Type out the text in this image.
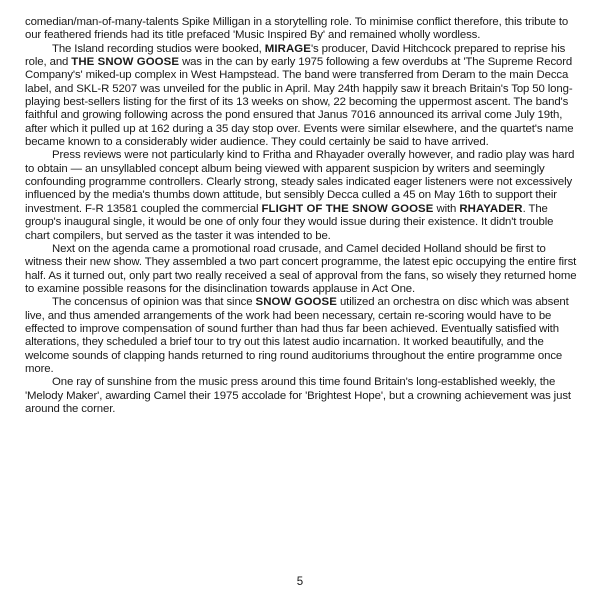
comedian/man-of-many-talents Spike Milligan in a storytelling role. To minimise conflict therefore, this tribute to our feathered friends had its title prefaced 'Music Inspired By' and remained wholly wordless.

The Island recording studios were booked, MIRAGE's producer, David Hitchcock prepared to reprise his role, and THE SNOW GOOSE was in the can by early 1975 following a few overdubs at 'The Supreme Record Company's' miked-up complex in West Hampstead. The band were transferred from Deram to the main Decca label, and SKL-R 5207 was unveiled for the public in April. May 24th happily saw it breach Britain's Top 50 long-playing best-sellers listing for the first of its 13 weeks on show, 22 becoming the uppermost ascent. The band's faithful and growing following across the pond ensured that Janus 7016 announced its arrival come July 19th, after which it pulled up at 162 during a 35 day stop over. Events were similar elsewhere, and the quartet's name became known to a considerably wider audience. They could certainly be said to have arrived.

Press reviews were not particularly kind to Fritha and Rhayader overally however, and radio play was hard to obtain — an unsyllabled concept album being viewed with apparent suspicion by writers and seemingly confounding programme controllers. Clearly strong, steady sales indicated eager listeners were not excessively influenced by the media's thumbs down attitude, but sensibly Decca culled a 45 on May 16th to support their investment. F-R 13581 coupled the commercial FLIGHT OF THE SNOW GOOSE with RHAYADER. The group's inaugural single, it would be one of only four they would issue during their existence. It didn't trouble chart compilers, but served as the taster it was intended to be.

Next on the agenda came a promotional road crusade, and Camel decided Holland should be first to witness their new show. They assembled a two part concert programme, the latest epic occupying the entire first half. As it turned out, only part two really received a seal of approval from the fans, so wisely they returned home to examine possible reasons for the disinclination towards applause in Act One.

The concensus of opinion was that since SNOW GOOSE utilized an orchestra on disc which was absent live, and thus amended arrangements of the work had been necessary, certain re-scoring would have to be effected to improve compensation of sound further than had thus far been achieved. Eventually satisfied with alterations, they scheduled a brief tour to try out this latest audio incarnation. It worked beautifully, and the welcome sounds of clapping hands returned to ring round auditoriums throughout the entire programme once more.

One ray of sunshine from the music press around this time found Britain's long-established weekly, the 'Melody Maker', awarding Camel their 1975 accolade for 'Brightest Hope', but a crowning achievement was just around the corner.

5
